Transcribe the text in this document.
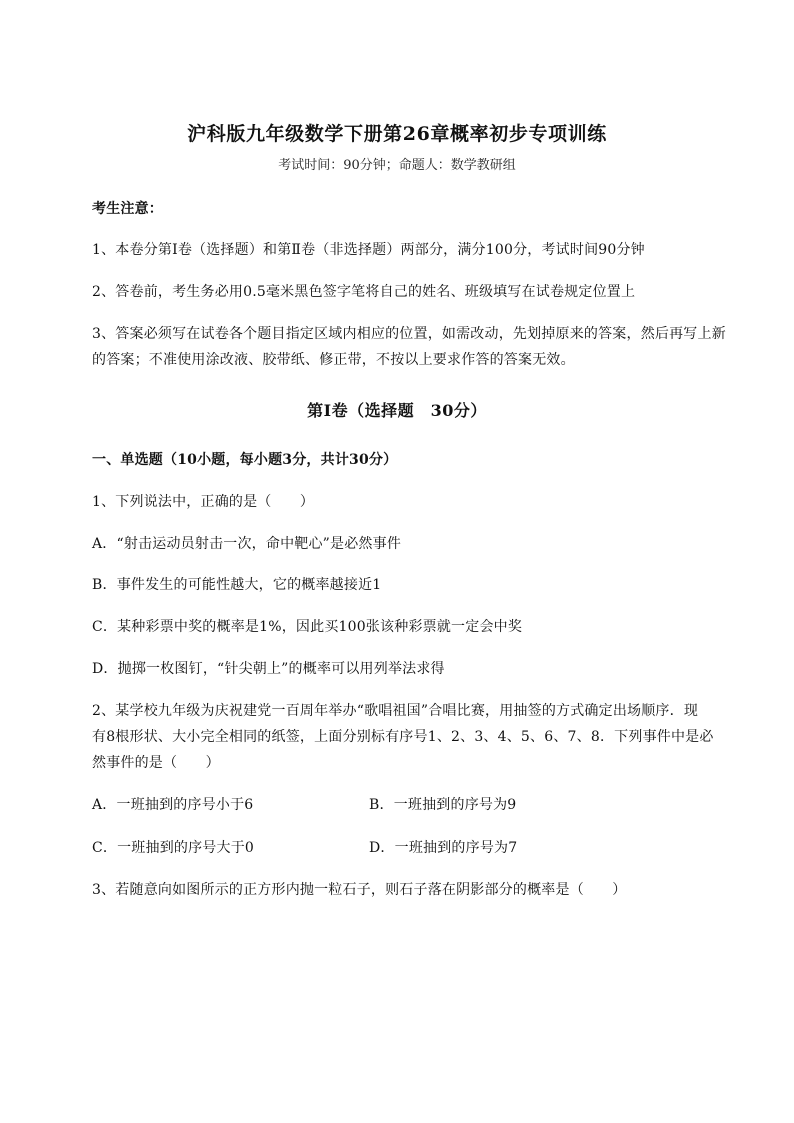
沪科版九年级数学下册第26章概率初步专项训练
考试时间：90分钟；命题人：数学教研组
考生注意：
1、本卷分第I卷（选择题）和第Ⅱ卷（非选择题）两部分，满分100分，考试时间90分钟
2、答卷前，考生务必用0.5毫米黑色签字笔将自己的姓名、班级填写在试卷规定位置上
3、答案必须写在试卷各个题目指定区域内相应的位置，如需改动，先划掉原来的答案，然后再写上新
的答案；不准使用涂改液、胶带纸、修正带，不按以上要求作答的答案无效。
第I卷（选择题　30分）
一、单选题（10小题，每小题3分，共计30分）
1、下列说法中，正确的是（　　）
A．“射击运动员射击一次，命中靶心”是必然事件
B．事件发生的可能性越大，它的概率越接近1
C．某种彩票中奖的概率是1%，因此买100张该种彩票就一定会中奖
D．抛掷一枚图钉，“针尖朝上”的概率可以用列举法求得
2、某学校九年级为庆祝建党一百周年举办“歌唱祖国”合唱比赛，用抽签的方式确定出场顺序．现
有8根形状、大小完全相同的纸签，上面分别标有序号1、2、3、4、5、6、7、8．下列事件中是必
然事件的是（　　）
A．一班抽到的序号小于6	B．一班抽到的序号为9
C．一班抽到的序号大于0	D．一班抽到的序号为7
3、若随意向如图所示的正方形内抛一粒石子，则石子落在阴影部分的概率是（　　）
